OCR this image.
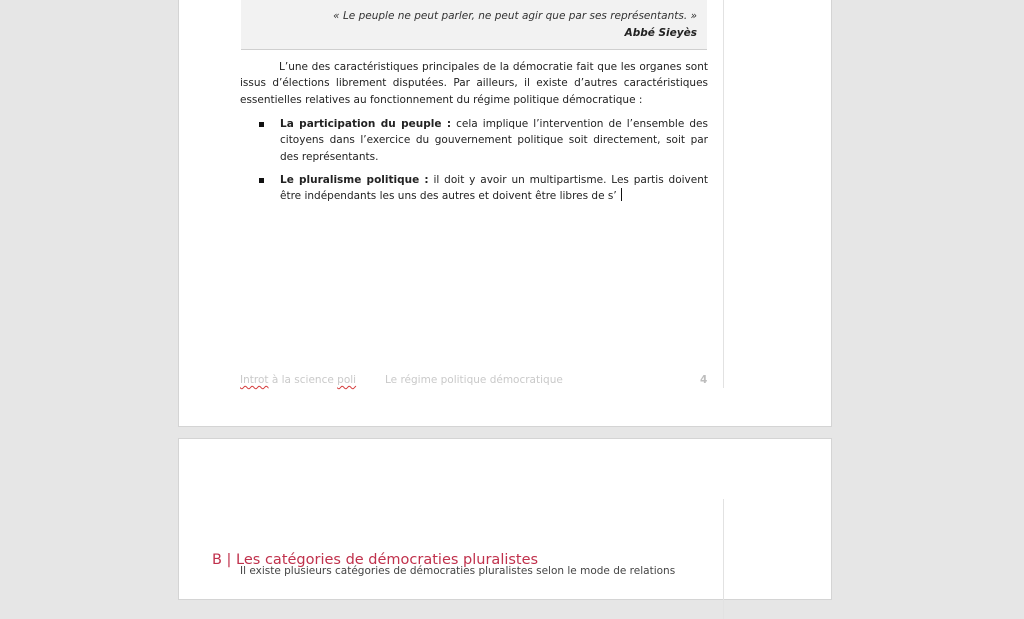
« Le peuple ne peut parler, ne peut agir que par ses représentants. »
Abbé Sieyès
L’une des caractéristiques principales de la démocratie fait que les organes sont issus d’élections librement disputées. Par ailleurs, il existe d’autres caractéristiques essentielles relatives au fonctionnement du régime politique démocratique :
La participation du peuple : cela implique l’intervention de l’ensemble des citoyens dans l’exercice du gouvernement politique soit directement, soit par des représentants.
Le pluralisme politique : il doit y avoir un multipartisme. Les partis doivent être indépendants les uns des autres et doivent être libres de s’
Introt à la science poli	Le régime politique démocratique	4
B | Les catégories de démocraties pluralistes
Il existe plusieurs catégories de démocraties pluralistes selon le mode de relations
